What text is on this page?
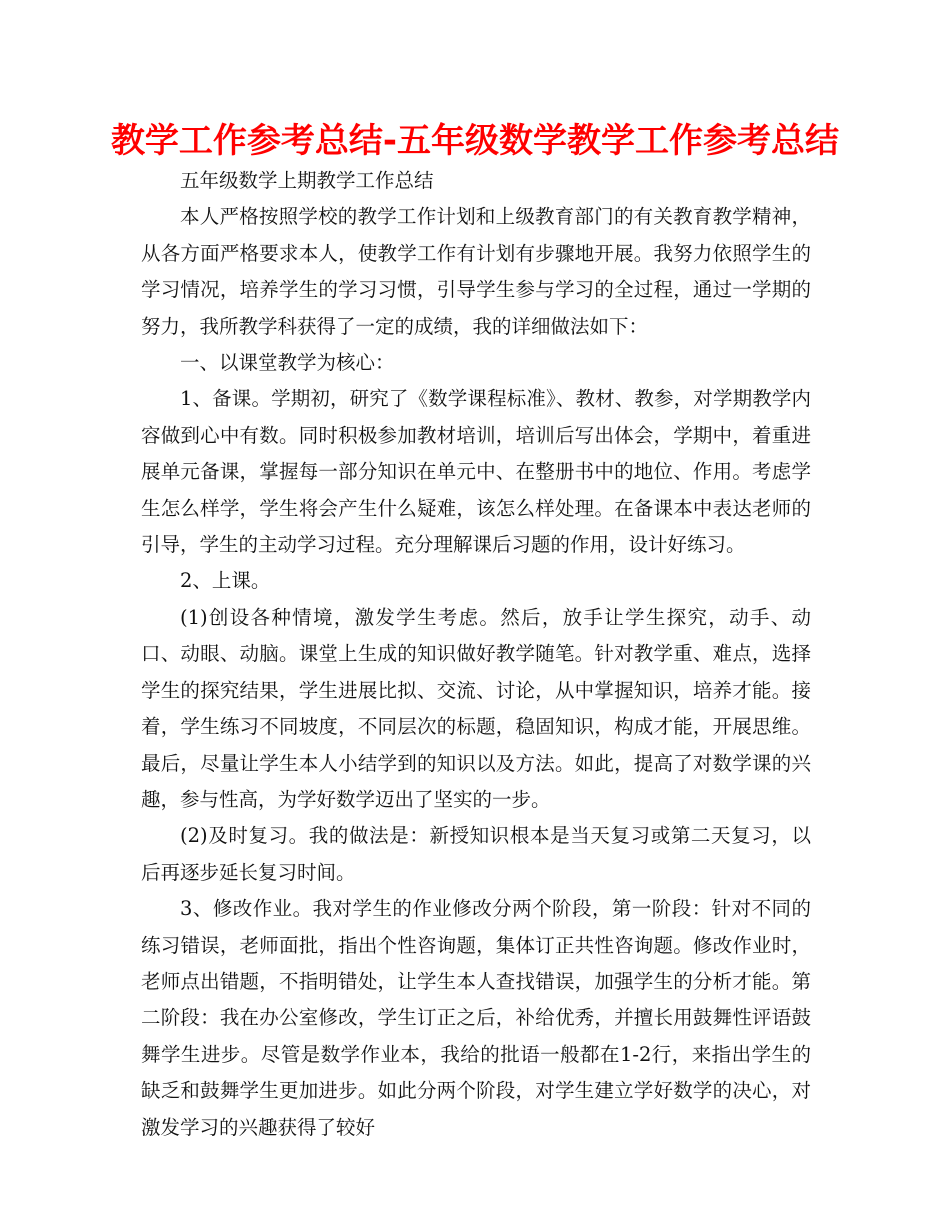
教学工作参考总结-五年级数学教学工作参考总结

五年级数学上期教学工作总结

本人严格按照学校的教学工作计划和上级教育部门的有关教育教学精神，从各方面严格要求本人，使教学工作有计划有步骤地开展。我努力依照学生的学习情况，培养学生的学习习惯，引导学生参与学习的全过程，通过一学期的努力，我所教学科获得了一定的成绩，我的详细做法如下：

一、以课堂教学为核心：

1、备课。学期初，研究了《数学课程标准》、教材、教参，对学期教学内容做到心中有数。同时积极参加教材培训，培训后写出体会，学期中，着重进展单元备课，掌握每一部分知识在单元中、在整册书中的地位、作用。考虑学生怎么样学，学生将会产生什么疑难，该怎么样处理。在备课本中表达老师的引导，学生的主动学习过程。充分理解课后习题的作用，设计好练习。

2、上课。

(1)创设各种情境，激发学生考虑。然后，放手让学生探究，动手、动口、动眼、动脑。课堂上生成的知识做好教学随笔。针对教学重、难点，选择学生的探究结果，学生进展比拟、交流、讨论，从中掌握知识，培养才能。接着，学生练习不同坡度，不同层次的标题，稳固知识，构成才能，开展思维。最后，尽量让学生本人小结学到的知识以及方法。如此，提高了对数学课的兴趣，参与性高，为学好数学迈出了坚实的一步。

(2)及时复习。我的做法是：新授知识根本是当天复习或第二天复习，以后再逐步延长复习时间。

3、修改作业。我对学生的作业修改分两个阶段，第一阶段：针对不同的练习错误，老师面批，指出个性咨询题，集体订正共性咨询题。修改作业时，老师点出错题，不指明错处，让学生本人查找错误，加强学生的分析才能。第二阶段：我在办公室修改，学生订正之后，补给优秀，并擅长用鼓舞性评语鼓舞学生进步。尽管是数学作业本，我给的批语一般都在1-2行，来指出学生的缺乏和鼓舞学生更加进步。如此分两个阶段，对学生建立学好数学的决心，对激发学习的兴趣获得了较好
